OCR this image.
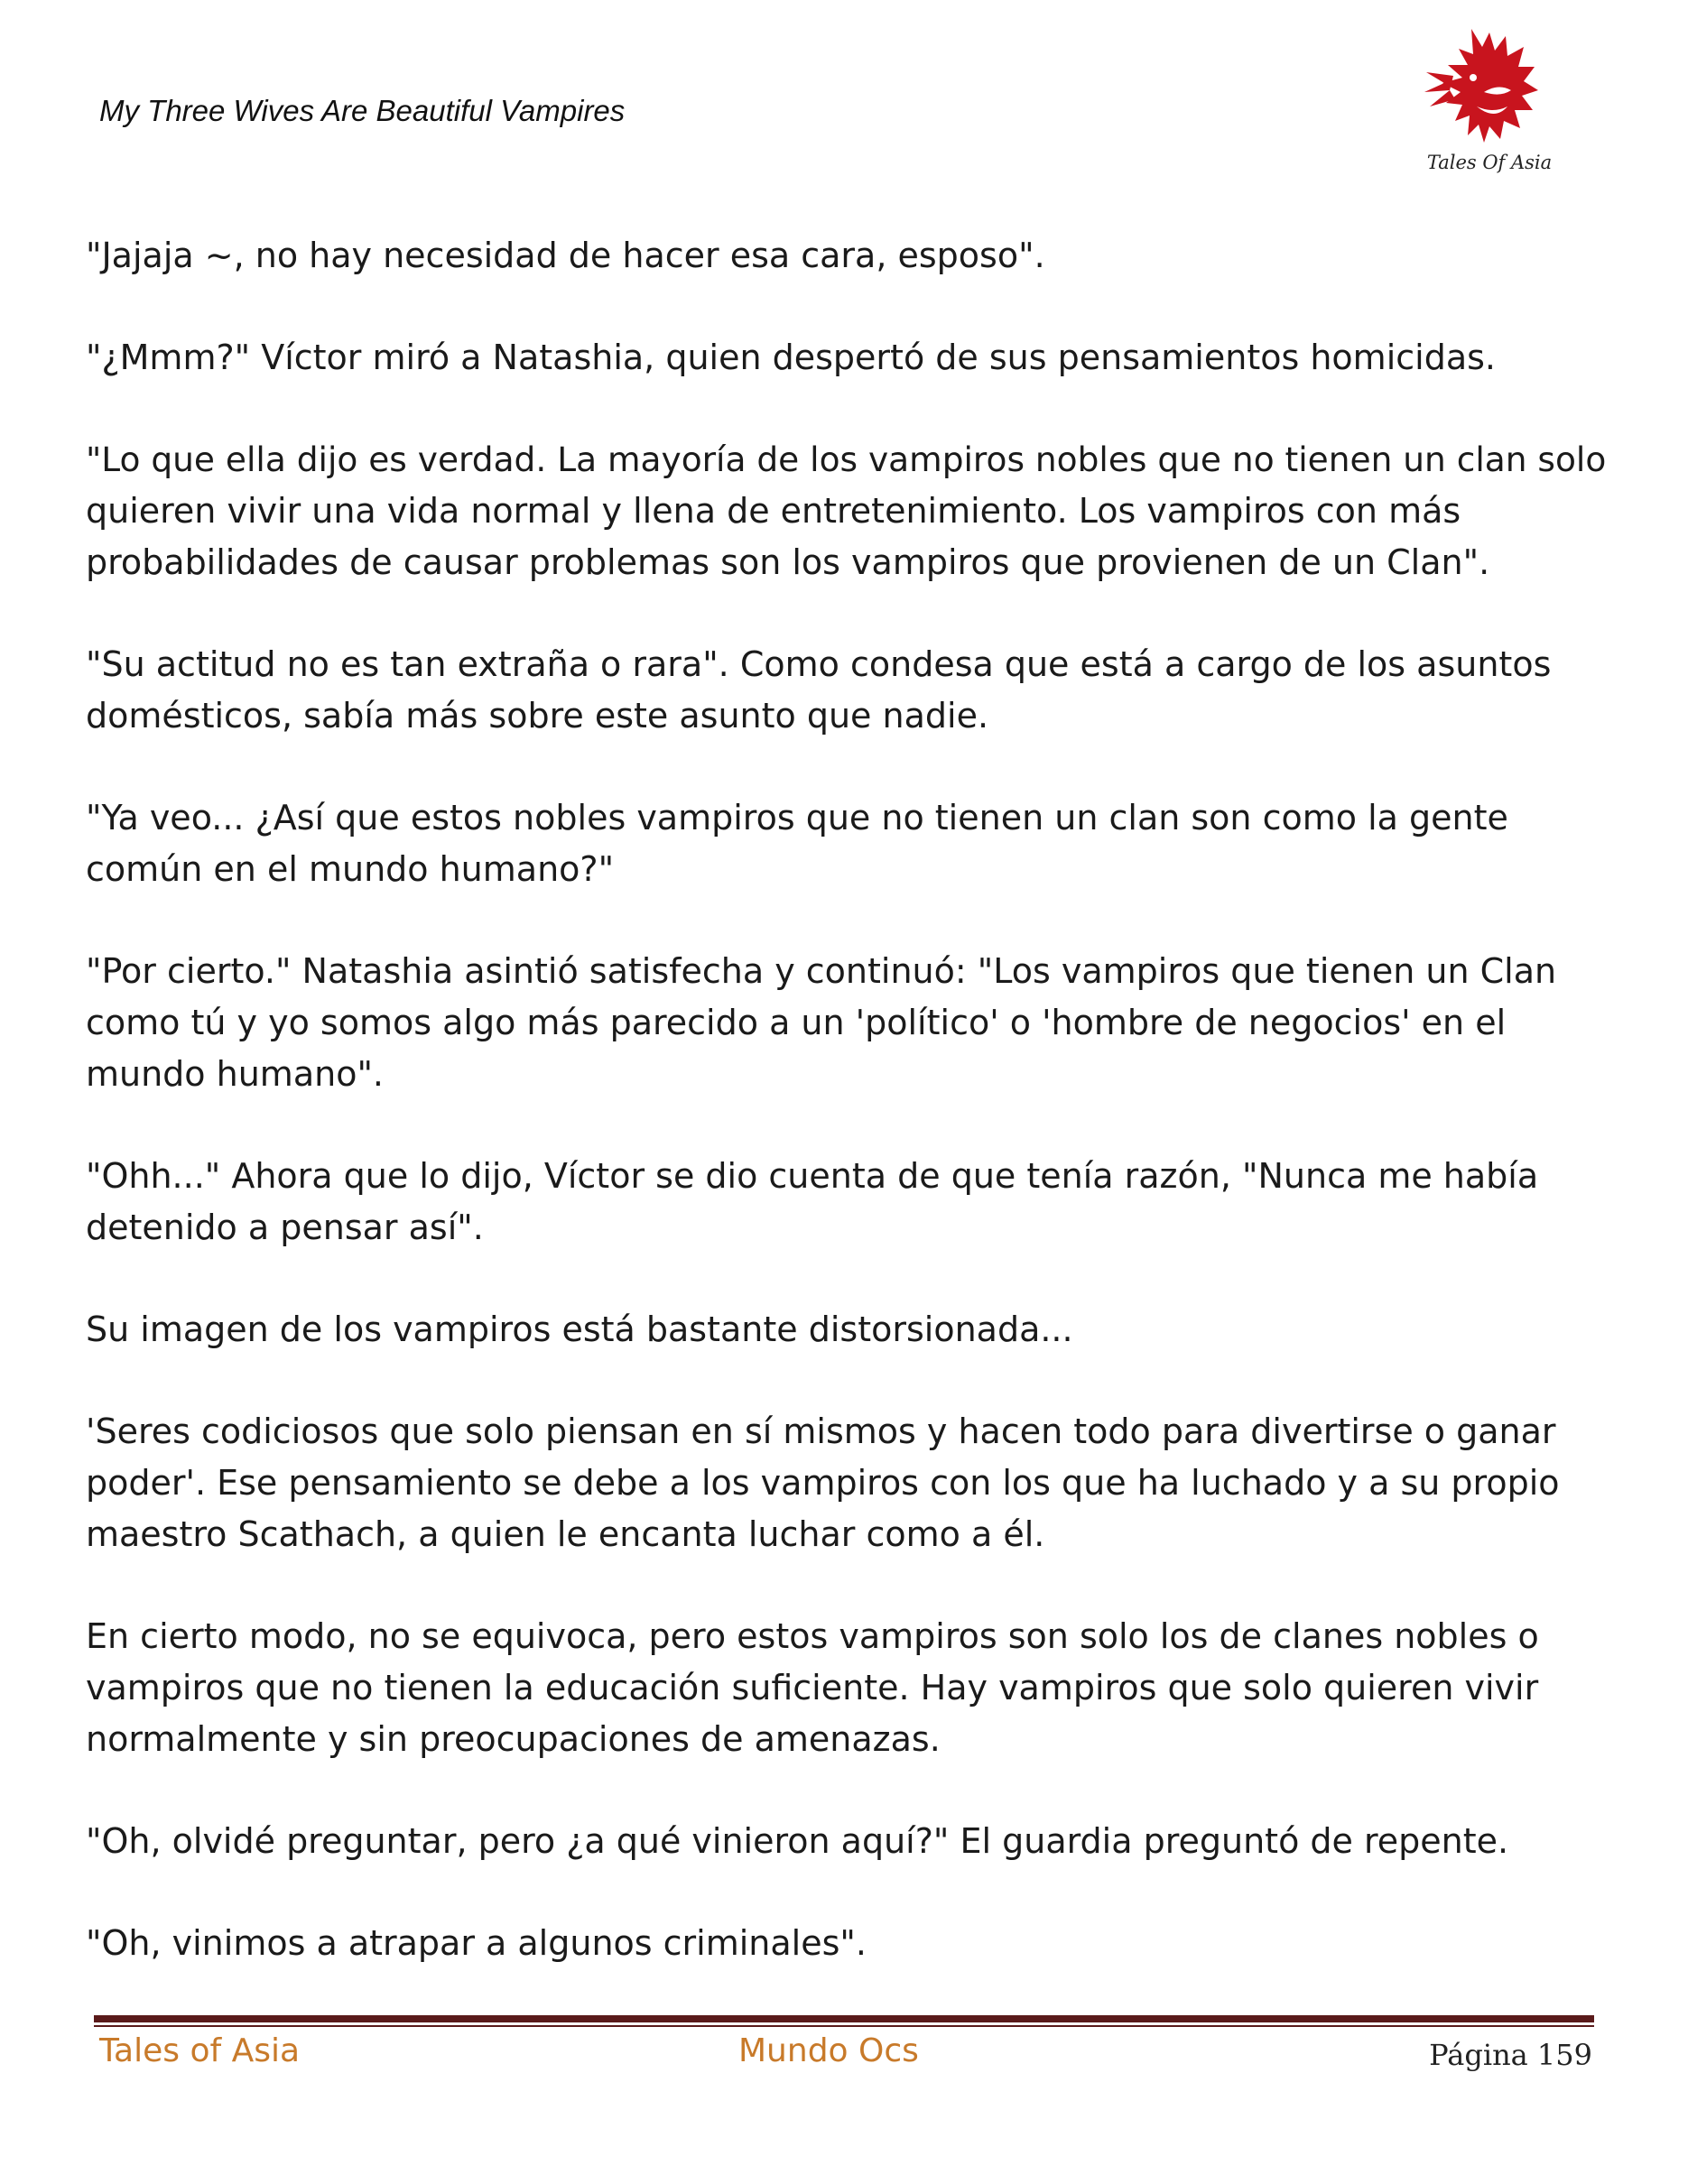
My Three Wives Are Beautiful Vampires
Tales Of Asia

"Jajaja ~, no hay necesidad de hacer esa cara, esposo".

"¿Mmm?" Víctor miró a Natashia, quien despertó de sus pensamientos homicidas.

"Lo que ella dijo es verdad. La mayoría de los vampiros nobles que no tienen un clan solo
quieren vivir una vida normal y llena de entretenimiento. Los vampiros con más
probabilidades de causar problemas son los vampiros que provienen de un Clan".

"Su actitud no es tan extraña o rara". Como condesa que está a cargo de los asuntos
domésticos, sabía más sobre este asunto que nadie.

"Ya veo... ¿Así que estos nobles vampiros que no tienen un clan son como la gente
común en el mundo humano?"

"Por cierto." Natashia asintió satisfecha y continuó: "Los vampiros que tienen un Clan
como tú y yo somos algo más parecido a un 'político' o 'hombre de negocios' en el
mundo humano".

"Ohh..." Ahora que lo dijo, Víctor se dio cuenta de que tenía razón, "Nunca me había
detenido a pensar así".

Su imagen de los vampiros está bastante distorsionada...

'Seres codiciosos que solo piensan en sí mismos y hacen todo para divertirse o ganar
poder'. Ese pensamiento se debe a los vampiros con los que ha luchado y a su propio
maestro Scathach, a quien le encanta luchar como a él.

En cierto modo, no se equivoca, pero estos vampiros son solo los de clanes nobles o
vampiros que no tienen la educación suficiente. Hay vampiros que solo quieren vivir
normalmente y sin preocupaciones de amenazas.

"Oh, olvidé preguntar, pero ¿a qué vinieron aquí?" El guardia preguntó de repente.

"Oh, vinimos a atrapar a algunos criminales".

Tales of Asia	Mundo Ocs	Página 159
